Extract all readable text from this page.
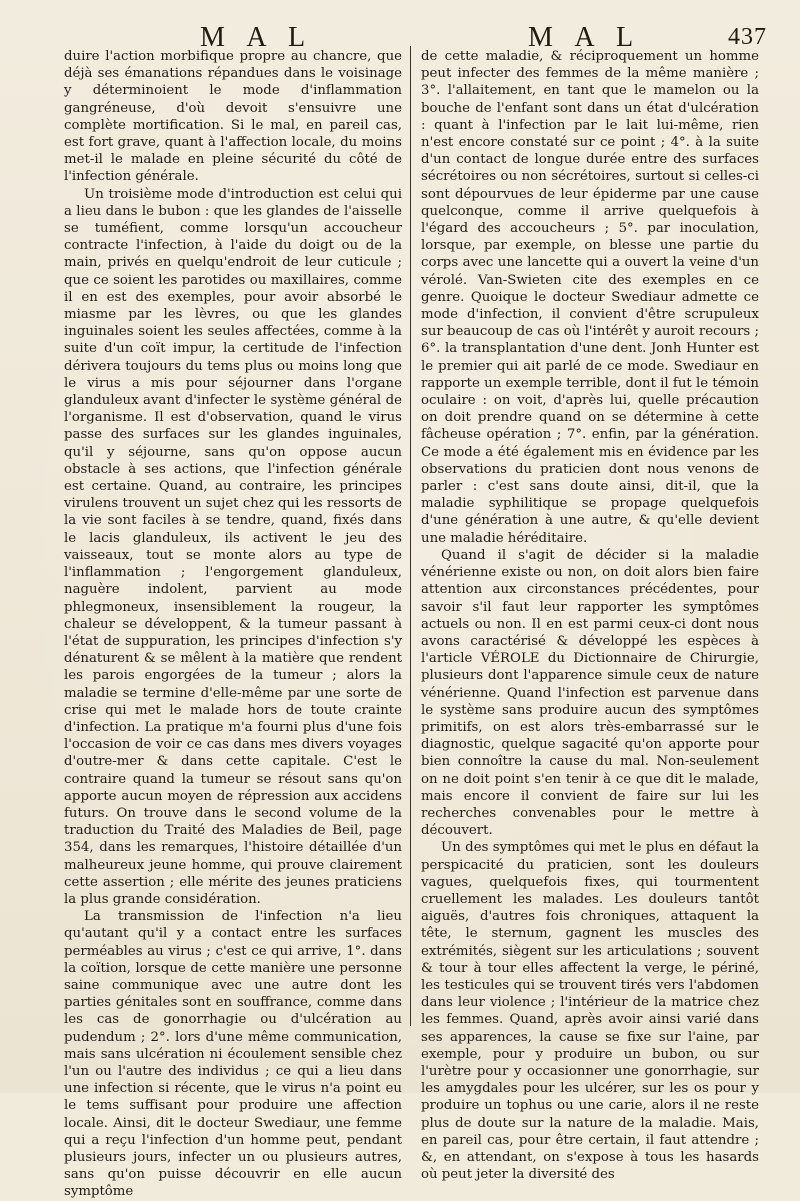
M A L	M A L	437

duire l'action morbifique propre au chancre, que déjà ses émanations répandues dans le voisinage y déterminoient le mode d'inflammation gangréneuse, d'où devoit s'ensuivre une complète mortification. Si le mal, en pareil cas, est fort grave, quant à l'affection locale, du moins met-il le malade en pleine sécurité du côté de l'infection générale.

Un troisième mode d'introduction est celui qui a lieu dans le bubon : que les glandes de l'aisselle se tuméfient, comme lorsqu'un accoucheur contracte l'infection, à l'aide du doigt ou de la main, privés en quelqu'endroit de leur cuticule ; que ce soient les parotides ou maxillaires, comme il en est des exemples, pour avoir absorbé le miasme par les lèvres, ou que les glandes inguinales soient les seules affectées, comme à la suite d'un coït impur, la certitude de l'infection dérivera toujours du tems plus ou moins long que le virus a mis pour séjourner dans l'organe glanduleux avant d'infecter le système général de l'organisme. Il est d'observation, quand le virus passe des surfaces sur les glandes inguinales, qu'il y séjourne, sans qu'on oppose aucun obstacle à ses actions, que l'infection générale est certaine. Quand, au contraire, les principes virulens trouvent un sujet chez qui les ressorts de la vie sont faciles à se tendre, quand, fixés dans le lacis glanduleux, ils activent le jeu des vaisseaux, tout se monte alors au type de l'inflammation ; l'engorgement glanduleux, naguère indolent, parvient au mode phlegmoneux, insensiblement la rougeur, la chaleur se développent, & la tumeur passant à l'état de suppuration, les principes d'infection s'y dénaturent & se mêlent à la matière que rendent les parois engorgées de la tumeur ; alors la maladie se termine d'elle-même par une sorte de crise qui met le malade hors de toute crainte d'infection. La pratique m'a fourni plus d'une fois l'occasion de voir ce cas dans mes divers voyages d'outre-mer & dans cette capitale. C'est le contraire quand la tumeur se résout sans qu'on apporte aucun moyen de répression aux accidens futurs. On trouve dans le second volume de la traduction du Traité des Maladies de Beil, page 354, dans les remarques, l'histoire détaillée d'un malheureux jeune homme, qui prouve clairement cette assertion ; elle mérite des jeunes praticiens la plus grande considération.

La transmission de l'infection n'a lieu qu'autant qu'il y a contact entre les surfaces perméables au virus ; c'est ce qui arrive, 1°. dans la coïtion, lorsque de cette manière une personne saine communique avec une autre dont les parties génitales sont en souffrance, comme dans les cas de gonorrhagie ou d'ulcération au pudendum ; 2°. lors d'une même communication, mais sans ulcération ni écoulement sensible chez l'un ou l'autre des individus ; ce qui a lieu dans une infection si récente, que le virus n'a point eu le tems suffisant pour produire une affection locale. Ainsi, dit le docteur Swediaur, une femme qui a reçu l'infection d'un homme peut, pendant plusieurs jours, infecter un ou plusieurs autres, sans qu'on puisse découvrir en elle aucun symptôme

de cette maladie, & réciproquement un homme peut infecter des femmes de la même manière ; 3°. l'allaitement, en tant que le mamelon ou la bouche de l'enfant sont dans un état d'ulcération : quant à l'infection par le lait lui-même, rien n'est encore constaté sur ce point ; 4°. à la suite d'un contact de longue durée entre des surfaces sécrétoires ou non sécrétoires, surtout si celles-ci sont dépourvues de leur épiderme par une cause quelconque, comme il arrive quelquefois à l'égard des accoucheurs ; 5°. par inoculation, lorsque, par exemple, on blesse une partie du corps avec une lancette qui a ouvert la veine d'un vérolé. Van-Swieten cite des exemples en ce genre. Quoique le docteur Swediaur admette ce mode d'infection, il convient d'être scrupuleux sur beaucoup de cas où l'intérêt y auroit recours ; 6°. la transplantation d'une dent. Jonh Hunter est le premier qui ait parlé de ce mode. Swediaur en rapporte un exemple terrible, dont il fut le témoin oculaire : on voit, d'après lui, quelle précaution on doit prendre quand on se détermine à cette fâcheuse opération ; 7°. enfin, par la génération. Ce mode a été également mis en évidence par les observations du praticien dont nous venons de parler : c'est sans doute ainsi, dit-il, que la maladie syphilitique se propage quelquefois d'une génération à une autre, & qu'elle devient une maladie héréditaire.

Quand il s'agit de décider si la maladie vénérienne existe ou non, on doit alors bien faire attention aux circonstances précédentes, pour savoir s'il faut leur rapporter les symptômes actuels ou non. Il en est parmi ceux-ci dont nous avons caractérisé & développé les espèces à l'article VÉROLE du Dictionnaire de Chirurgie, plusieurs dont l'apparence simule ceux de nature vénérienne. Quand l'infection est parvenue dans le système sans produire aucun des symptômes primitifs, on est alors très-embarrassé sur le diagnostic, quelque sagacité qu'on apporte pour bien connoître la cause du mal. Non-seulement on ne doit point s'en tenir à ce que dit le malade, mais encore il convient de faire sur lui les recherches convenables pour le mettre à découvert.

Un des symptômes qui met le plus en défaut la perspicacité du praticien, sont les douleurs vagues, quelquefois fixes, qui tourmentent cruellement les malades. Les douleurs tantôt aiguës, d'autres fois chroniques, attaquent la tête, le sternum, gagnent les muscles des extrémités, siègent sur les articulations ; souvent & tour à tour elles affectent la verge, le périné, les testicules qui se trouvent tirés vers l'abdomen dans leur violence ; l'intérieur de la matrice chez les femmes. Quand, après avoir ainsi varié dans ses apparences, la cause se fixe sur l'aine, par exemple, pour y produire un bubon, ou sur l'urètre pour y occasionner une gonorrhagie, sur les amygdales pour les ulcérer, sur les os pour y produire un tophus ou une carie, alors il ne reste plus de doute sur la nature de la maladie. Mais, en pareil cas, pour être certain, il faut attendre ; &, en attendant, on s'expose à tous les hasards où peut jeter la diversité des
